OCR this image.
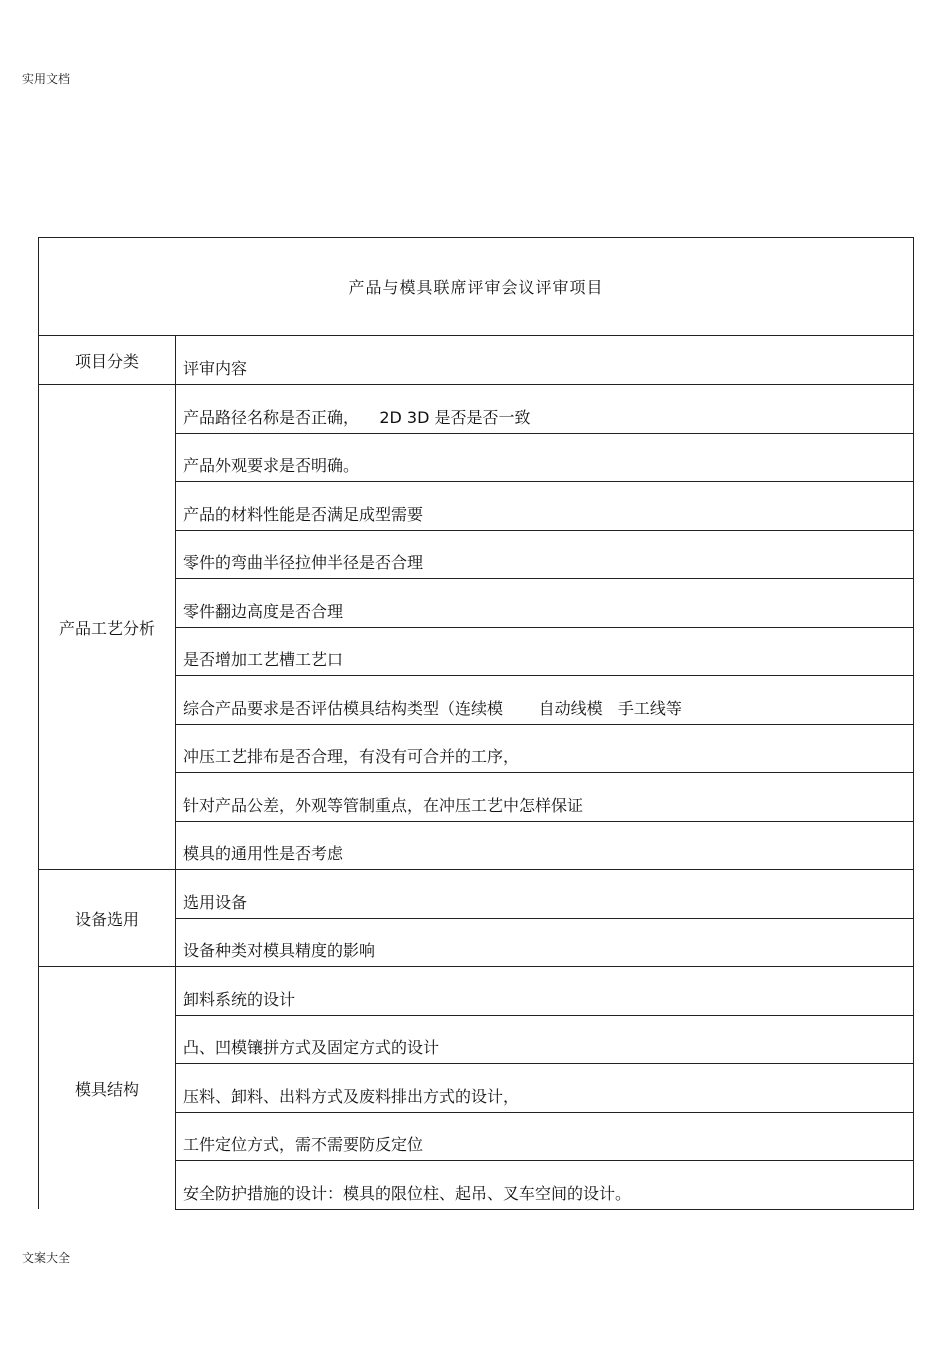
实用文档
产品与模具联席评审会议评审项目	
项目分类	评审内容
产品工艺分析	产品路径名称是否正确，    2D 3D 是否是否一致
	产品外观要求是否明确。
	产品的材料性能是否满足成型需要
	零件的弯曲半径拉伸半径是否合理
	零件翻边高度是否合理
	是否增加工艺槽工艺口
	综合产品要求是否评估模具结构类型（连续模       自动线模   手工线等
	冲压工艺排布是否合理，有没有可合并的工序，
	针对产品公差，外观等管制重点，在冲压工艺中怎样保证
	模具的通用性是否考虑
设备选用	选用设备
	设备种类对模具精度的影响
模具结构	卸料系统的设计
	凸、凹模镶拼方式及固定方式的设计
	压料、卸料、出料方式及废料排出方式的设计，
	工件定位方式，需不需要防反定位
	安全防护措施的设计：模具的限位柱、起吊、叉车空间的设计。
文案大全
